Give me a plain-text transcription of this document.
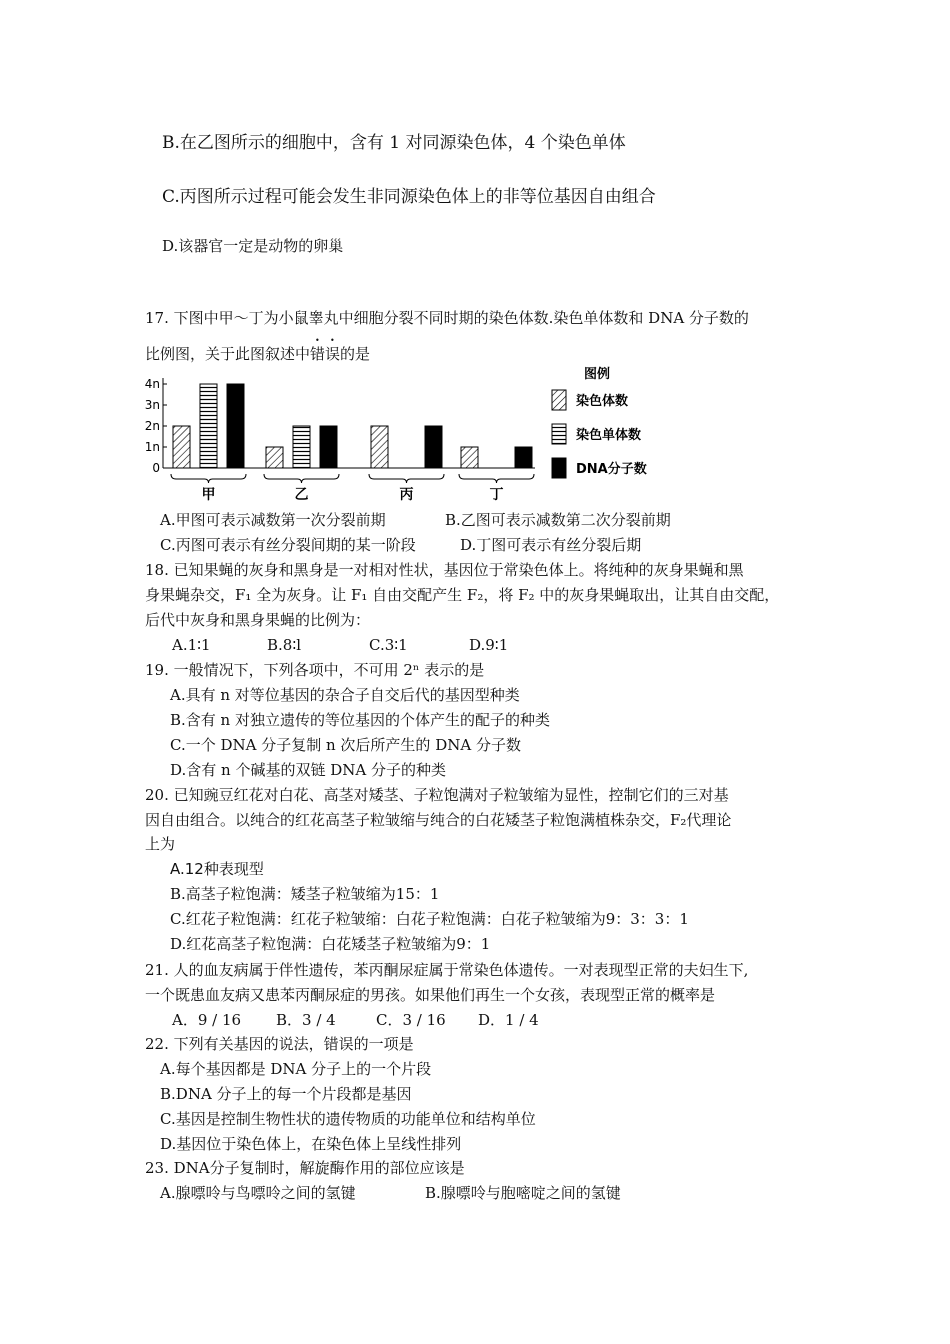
B.在乙图所示的细胞中，含有 1 对同源染色体，4 个染色单体
C.丙图所示过程可能会发生非同源染色体上的非等位基因自由组合
D.该器官一定是动物的卵巢
17. 下图中甲～丁为小鼠睾丸中细胞分裂不同时期的染色体数.染色单体数和 DNA 分子数的
比例图，关于此图叙述中错误的是
0
1n
2n
3n
4n
甲	乙	丙	丁
图例
染色体数
染色单体数
DNA分子数
A.甲图可表示减数第一次分裂前期	B.乙图可表示减数第二次分裂前期
C.丙图可表示有丝分裂间期的某一阶段	D.丁图可表示有丝分裂后期
18. 已知果蝇的灰身和黑身是一对相对性状，基因位于常染色体上。将纯种的灰身果蝇和黑
身果蝇杂交，F₁ 全为灰身。让 F₁ 自由交配产生 F₂，将 F₂ 中的灰身果蝇取出，让其自由交配，
后代中灰身和黑身果蝇的比例为：
A.1∶1	B.8∶l	C.3∶1	D.9∶1
19. 一般情况下，下列各项中，不可用 2ⁿ 表示的是
A.具有 n 对等位基因的杂合子自交后代的基因型种类
B.含有 n 对独立遗传的等位基因的个体产生的配子的种类
C.一个 DNA 分子复制 n 次后所产生的 DNA 分子数
D.含有 n 个碱基的双链 DNA 分子的种类
20. 已知豌豆红花对白花、高茎对矮茎、子粒饱满对子粒皱缩为显性，控制它们的三对基
因自由组合。以纯合的红花高茎子粒皱缩与纯合的白花矮茎子粒饱满植株杂交，F₂代理论
上为
A.12种表现型
B.高茎子粒饱满：矮茎子粒皱缩为15：1
C.红花子粒饱满：红花子粒皱缩：白花子粒饱满：白花子粒皱缩为9：3：3：1
D.红花高茎子粒饱满：白花矮茎子粒皱缩为9：1
21. 人的血友病属于伴性遗传，苯丙酮尿症属于常染色体遗传。一对表现型正常的夫妇生下,
一个既患血友病又患苯丙酮尿症的男孩。如果他们再生一个女孩，表现型正常的概率是
A．9 / 16 B．3 / 4	C．3 / 16 D．1 / 4
22. 下列有关基因的说法，错误的一项是
A.每个基因都是 DNA 分子上的一个片段
B.DNA 分子上的每一个片段都是基因
C.基因是控制生物性状的遗传物质的功能单位和结构单位
D.基因位于染色体上，在染色体上呈线性排列
23. DNA分子复制时，解旋酶作用的部位应该是
A.腺嘌呤与鸟嘌呤之间的氢键	B.腺嘌呤与胞嘧啶之间的氢键
